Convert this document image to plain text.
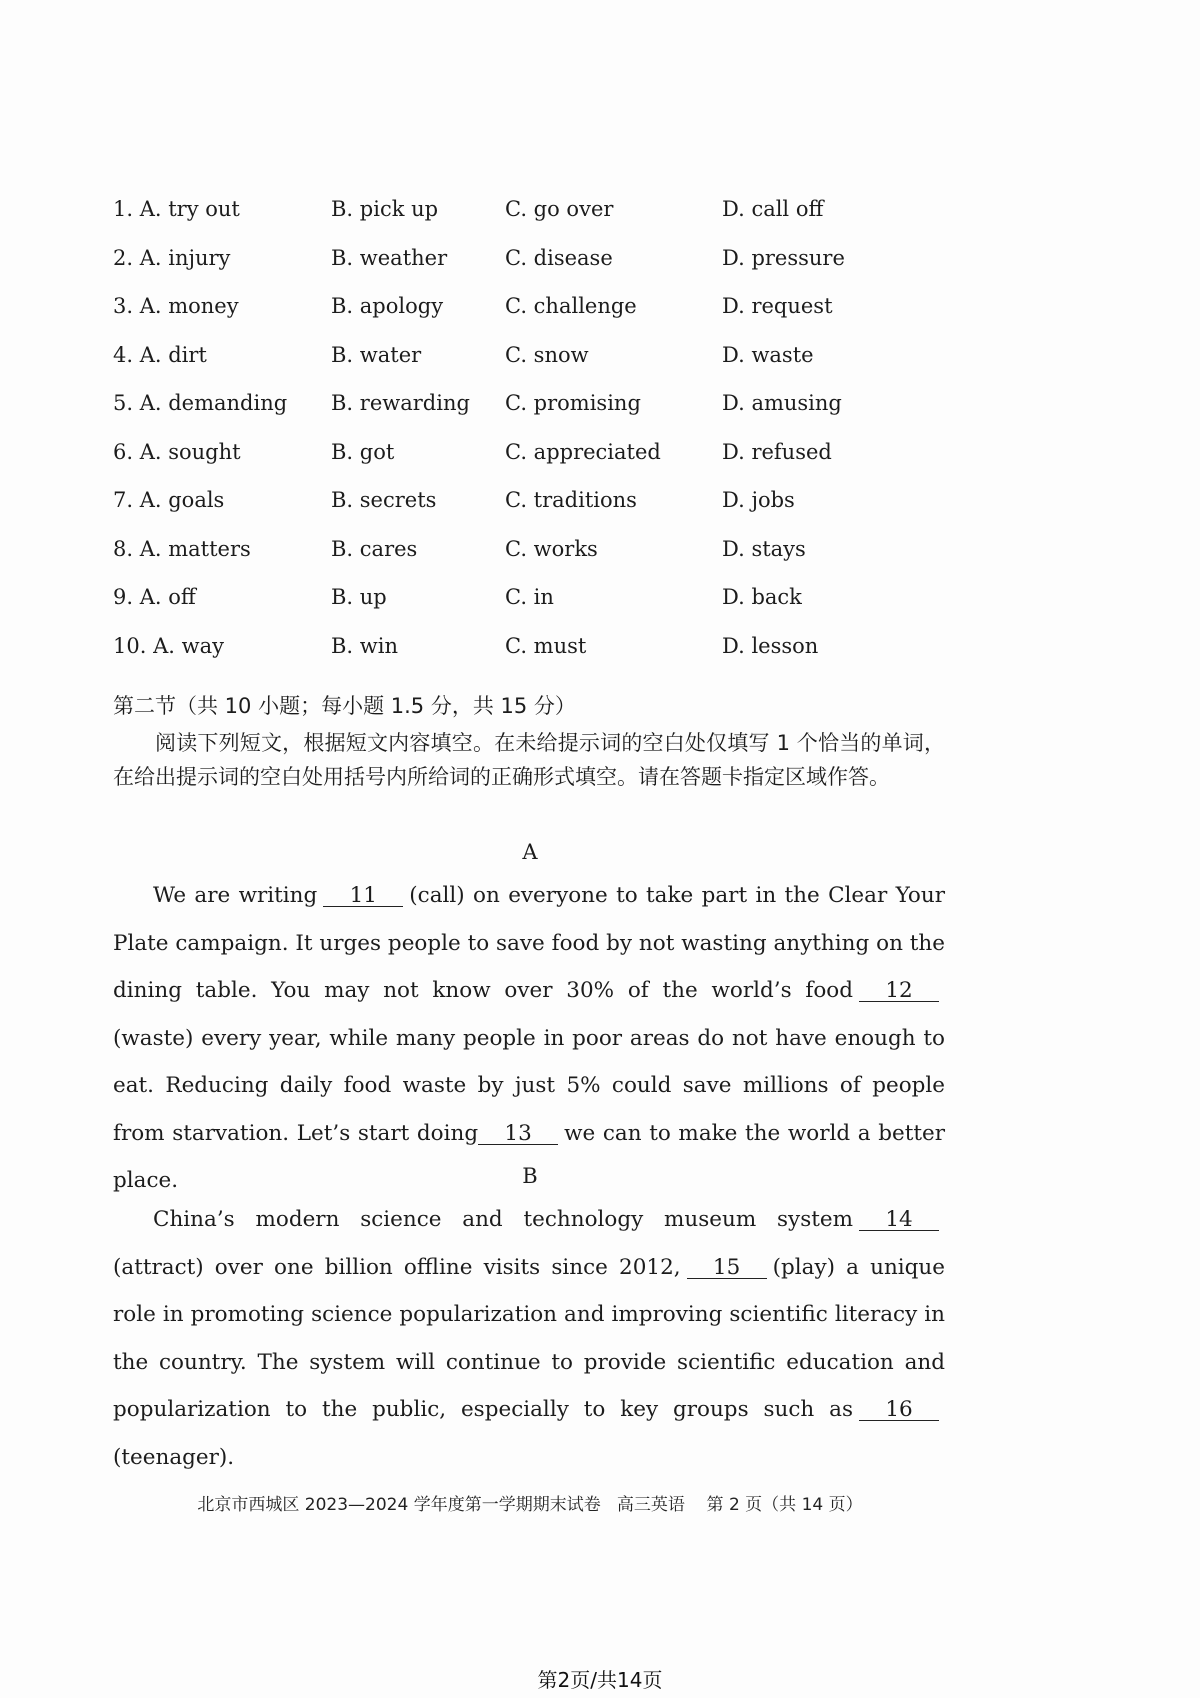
1. A. try out	B. pick up	C. go over	D. call off
2. A. injury	B. weather	C. disease	D. pressure
3. A. money	B. apology	C. challenge	D. request
4. A. dirt	B. water	C. snow	D. waste
5. A. demanding B. rewarding C. promising	D. amusing
6. A. sought	B. got	C. appreciated	D. refused
7. A. goals	B. secrets	C. traditions	D. jobs
8. A. matters	B. cares	C. works	D. stays
9. A. off	B. up	C. in	D. back
10. A. way	B. win	C. must	D. lesson
第二节（共 10 小题；每小题 1.5 分，共 15 分）
阅读下列短文，根据短文内容填空。在未给提示词的空白处仅填写 1 个恰当的单词，在给出提示词的空白处用括号内所给词的正确形式填空。请在答题卡指定区域作答。
A
We are writing 11 (call) on everyone to take part in the Clear Your Plate campaign. It urges people to save food by not wasting anything on the dining table. You may not know over 30% of the world’s food 12(waste) every year, while many people in poor areas do not have enough to eat. Reducing daily food waste by just 5% could save millions of people from starvation. Let’s start doing 13 we can to make the world a better place.	B
China’s modern science and technology museum system 14(attract) over one billion offline visits since 2012, 15 (play) a unique role in promoting science popularization and improving scientific literacy in the country. The system will continue to provide scientific education and popularization to the public, especially to key groups such as 16(teenager).
北京市西城区 2023—2024 学年度第一学期期末试卷 高三英语 第 2 页（共 14 页）
第2页/共14页
